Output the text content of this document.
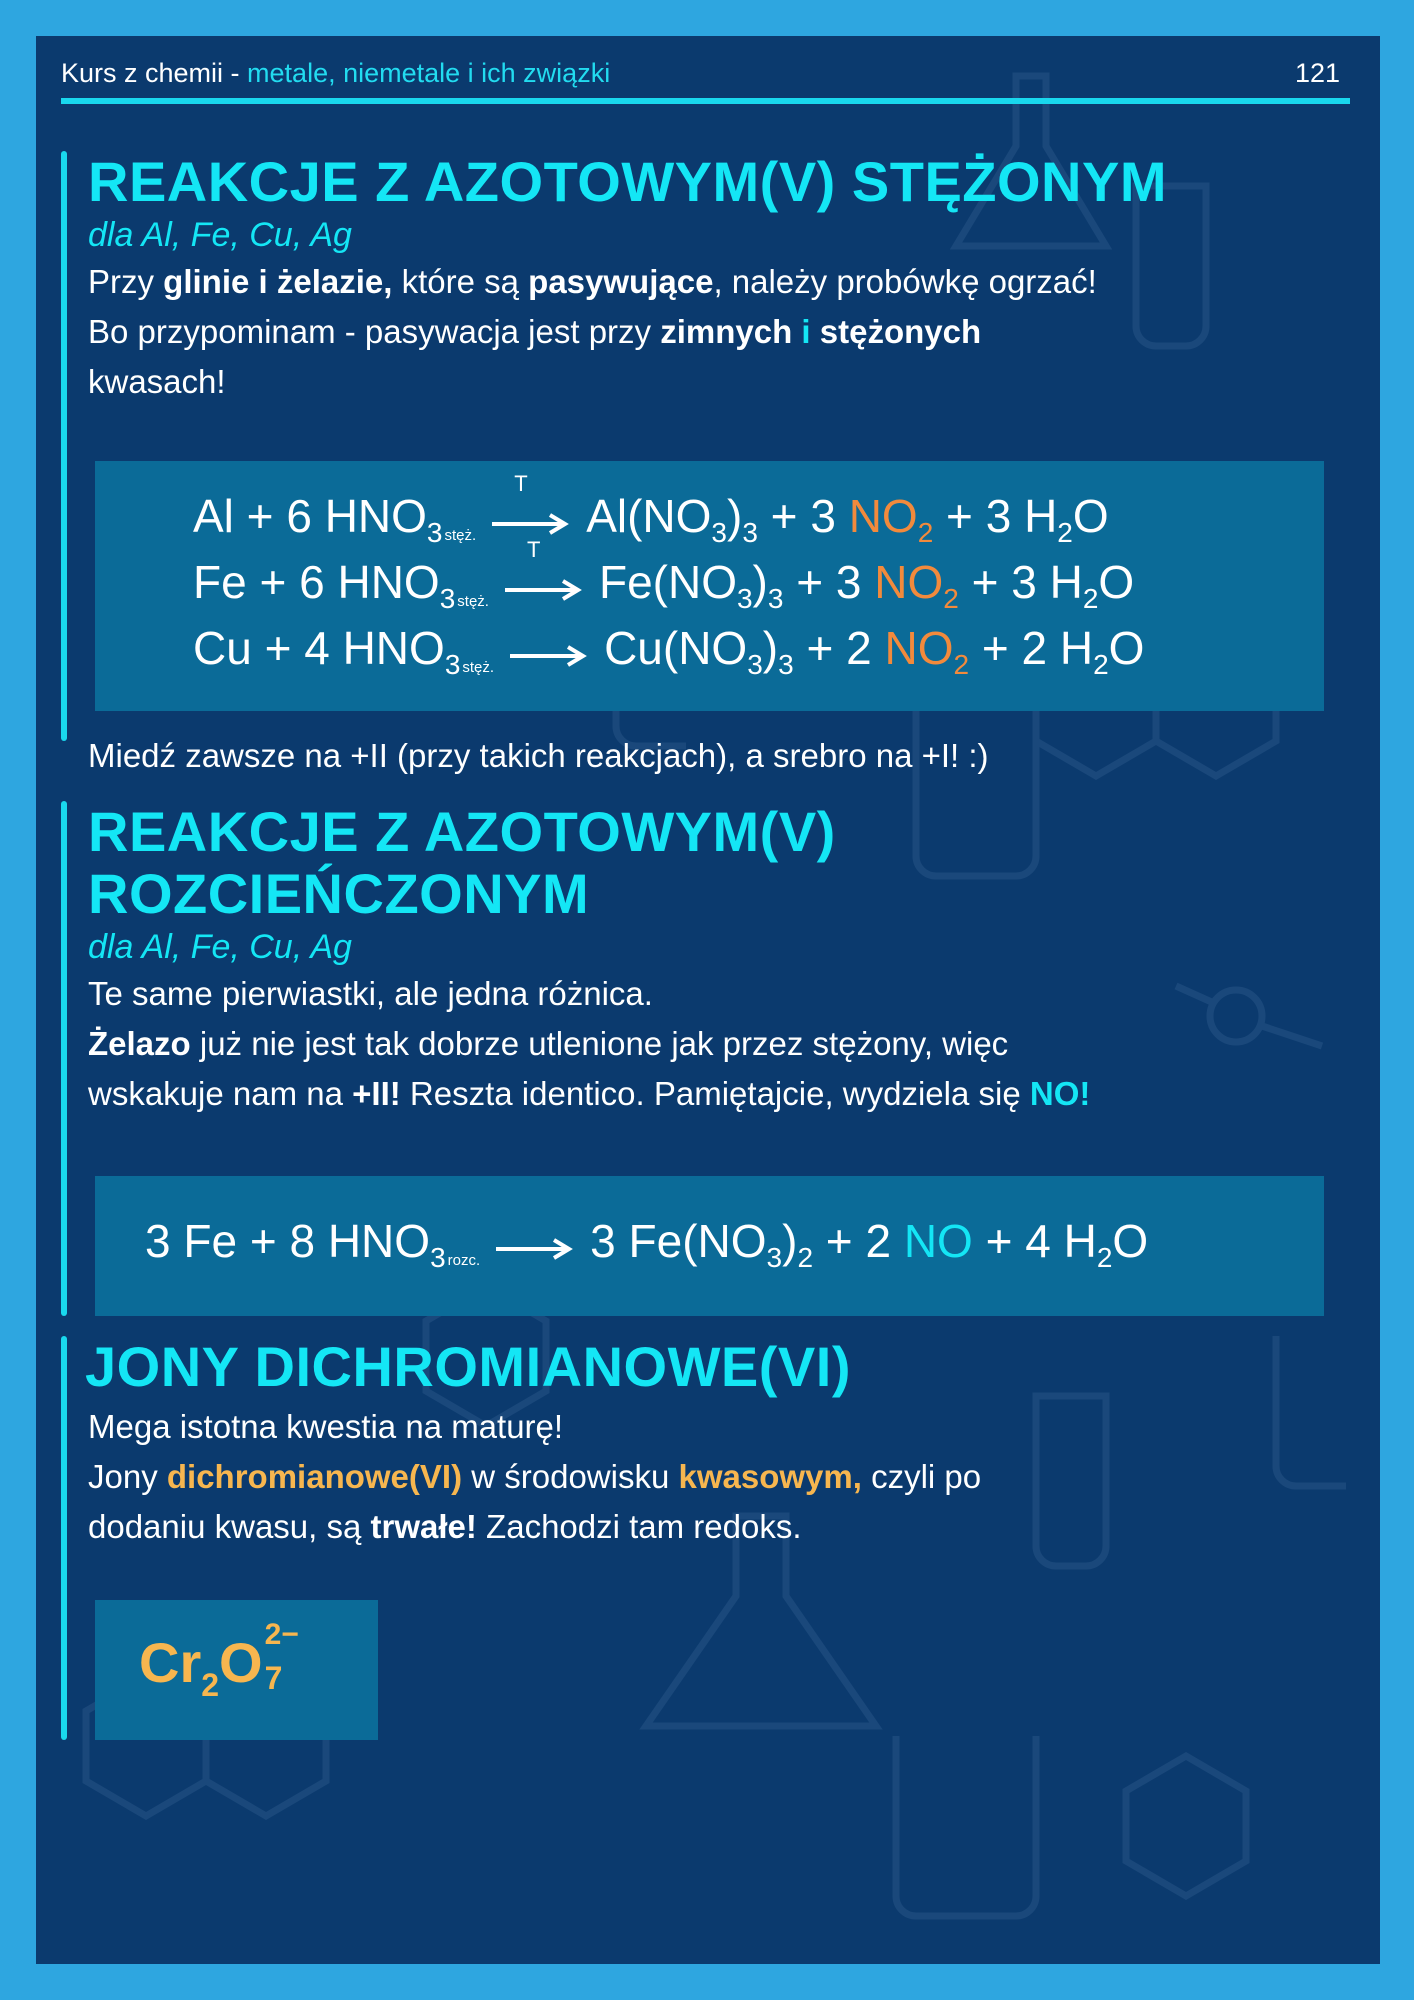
Kurs z chemii - metale, niemetale i ich związki	121
REAKCJE Z AZOTOWYM(V) STĘŻONYM
dla Al, Fe, Cu, Ag
Przy glinie i żelazie, które są pasywujące, należy probówkę ogrzać!
Bo przypominam - pasywacja jest przy zimnych i stężonych
kwasach!
Al + 6 $HNO_3$ stęż.
T
$Al(NO_3)_3 + 3$ $NO_2 + 3$ $H_2O$
Fe + 6 $HNO_3$ stęż.
T
$Fe(NO_3)_3 + 3$ $NO_2 + 3$ $H_2O$
Cu + 4 $HNO_3$ stęż. → $Cu(NO_3)_3 + 2$ $NO_2 + 2$ $H_2O$
Miedź zawsze na +II (przy takich reakcjach), a srebro na +I! :)
REAKCJE Z AZOTOWYM(V)
ROZCIEŃCZONYM
dla Al, Fe, Cu, Ag
Te same pierwiastki, ale jedna różnica.
Żelazo już nie jest tak dobrze utlenione jak przez stężony, więc
wskakuje nam na +II! Reszta identico. Pamiętajcie, wydziela się NO!
3 Fe + 8 $HNO_3$ rozc. → 3 $Fe(NO_3)_2 + 2$ NO + 4 $H_2O$
JONY DICHROMIANOWE(VI)
Mega istotna kwestia na maturę!
Jony dichromianowe(VI) w środowisku kwasowym, czyli po
dodaniu kwasu, są trwałe! Zachodzi tam redoks.
$Cr_2O$ 2−
7
